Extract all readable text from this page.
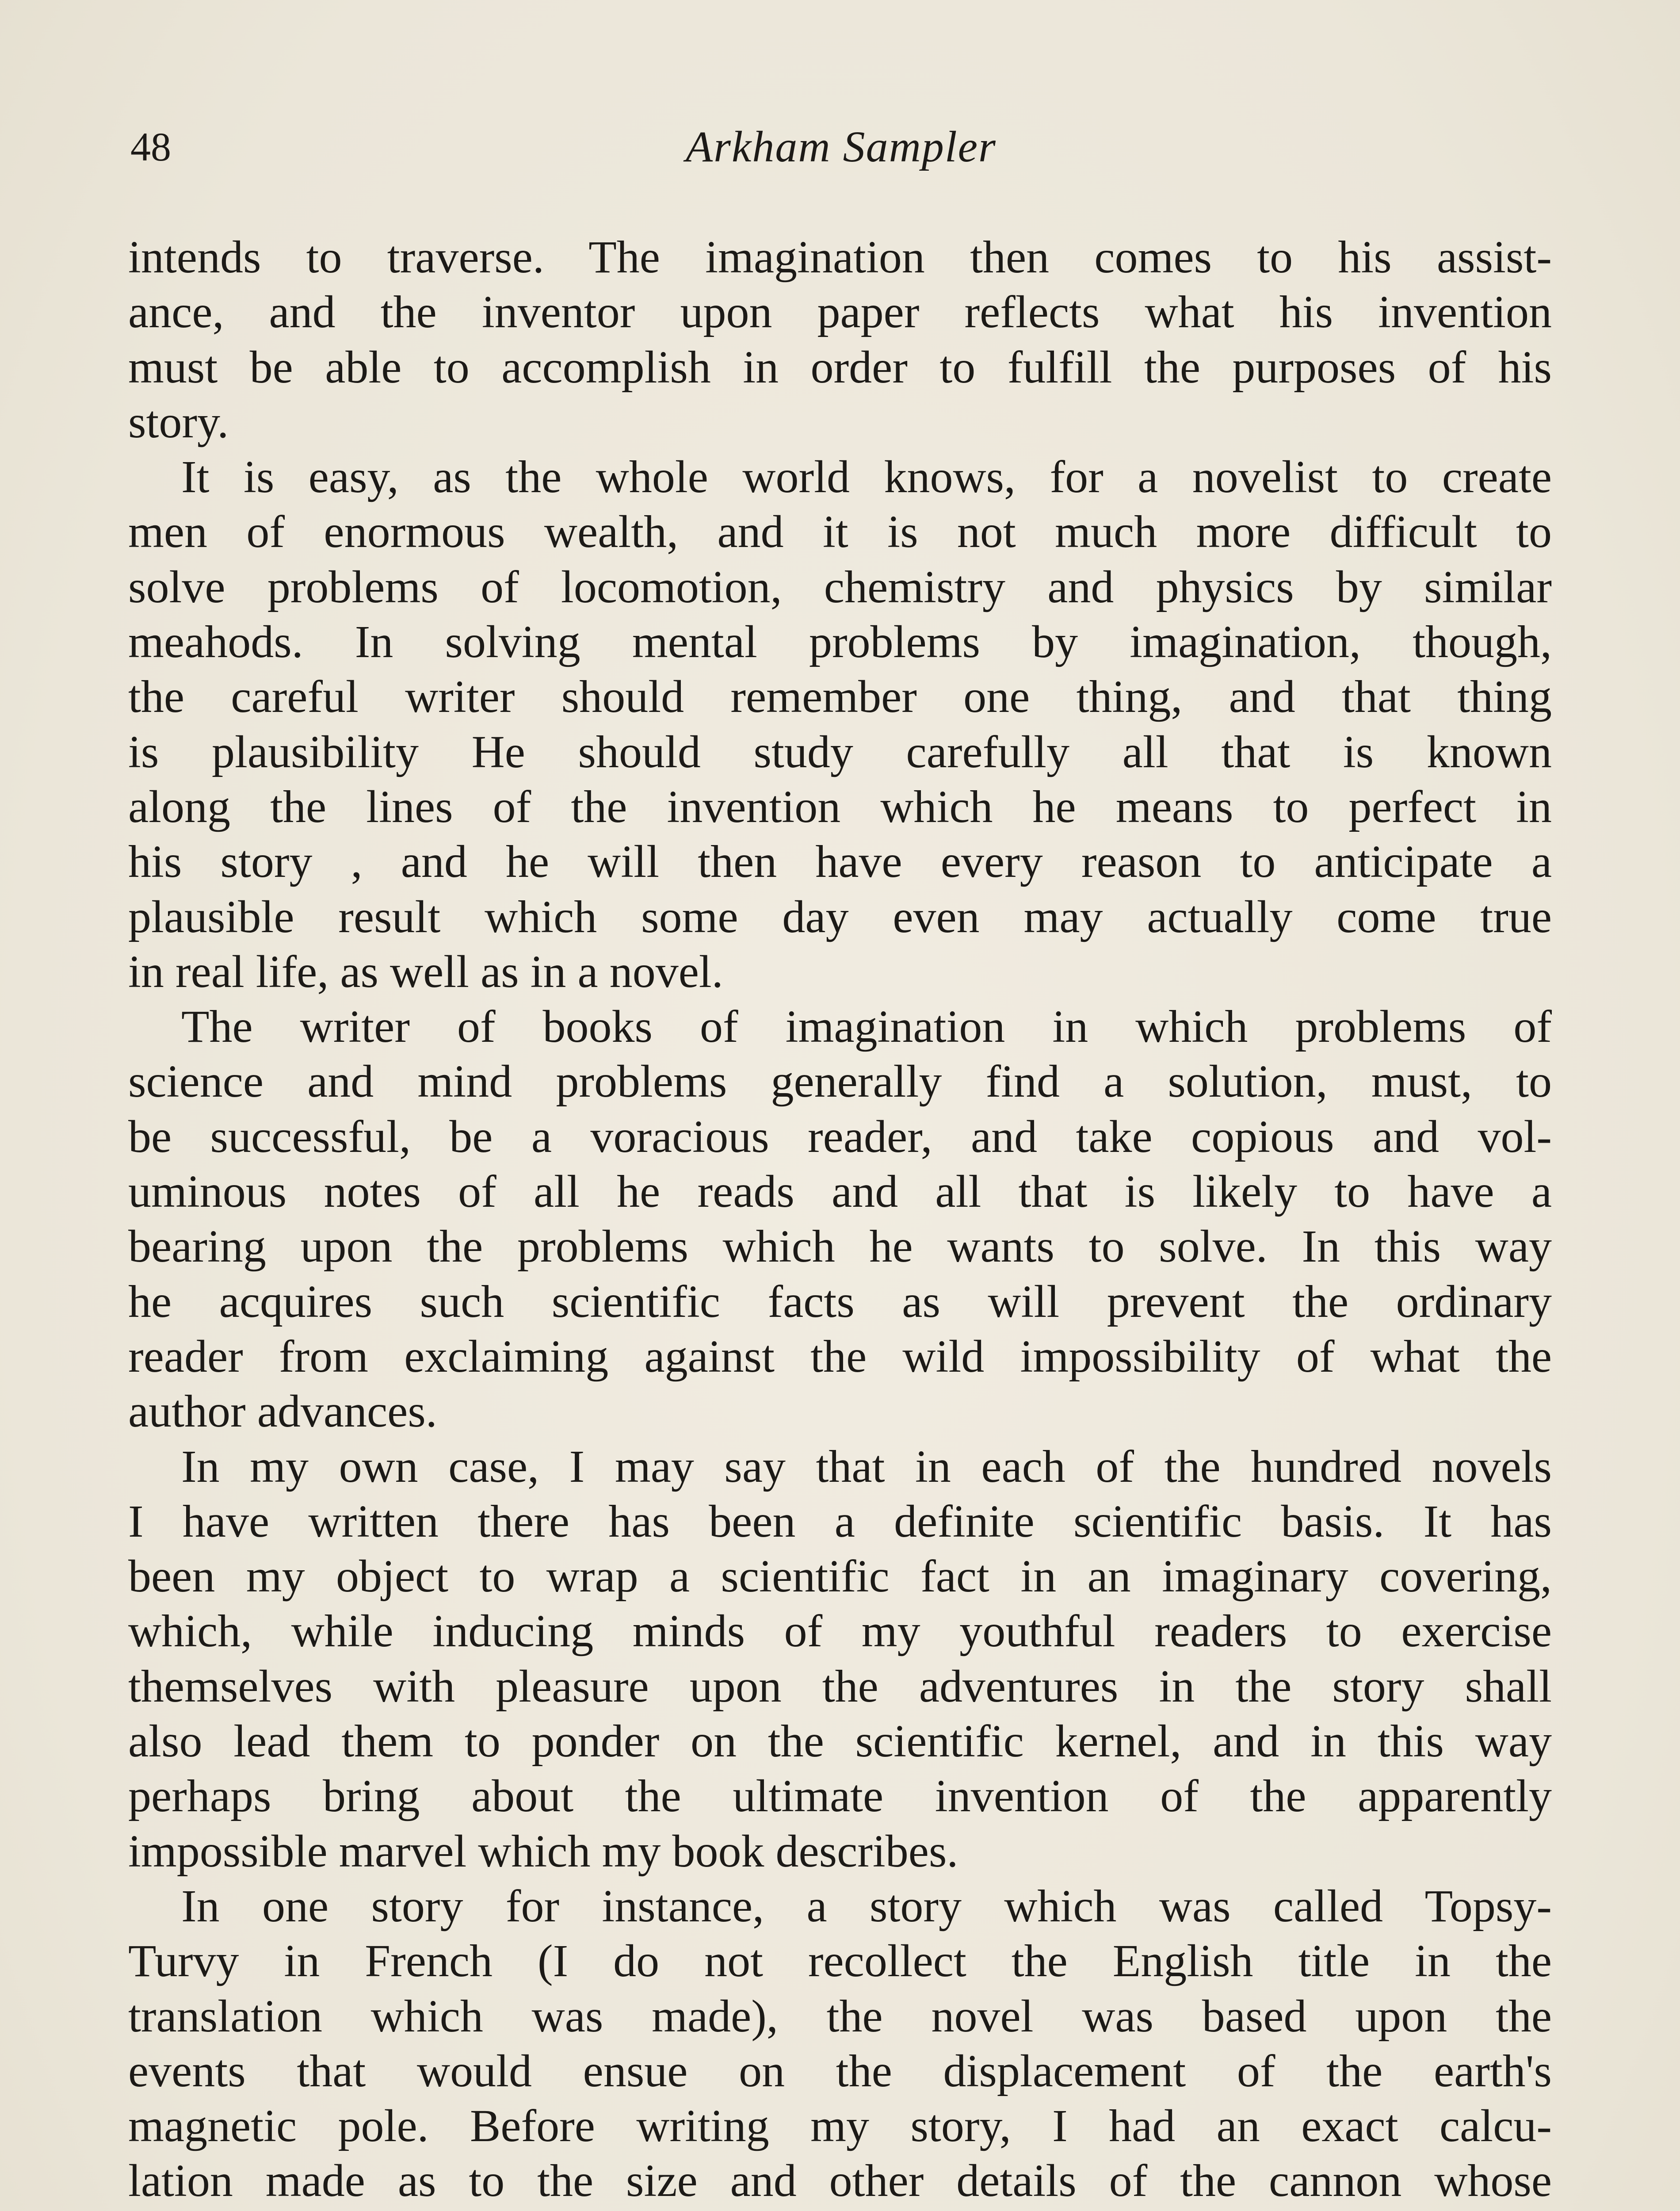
48	Arkham Sampler

intends to traverse. The imagination then comes to his assist-
ance, and the inventor upon paper reflects what his invention
must be able to accomplish in order to fulfill the purposes of his
story.

It is easy, as the whole world knows, for a novelist to create
men of enormous wealth, and it is not much more difficult to
solve problems of locomotion, chemistry and physics by similar
meahods. In solving mental problems by imagination, though,
the careful writer should remember one thing, and that thing
is plausibility He should study carefully all that is known
along the lines of the invention which he means to perfect in
his story , and he will then have every reason to anticipate a
plausible result which some day even may actually come true
in real life, as well as in a novel.

The writer of books of imagination in which problems of
science and mind problems generally find a solution, must, to
be successful, be a voracious reader, and take copious and vol-
uminous notes of all he reads and all that is likely to have a
bearing upon the problems which he wants to solve. In this way
he acquires such scientific facts as will prevent the ordinary
reader from exclaiming against the wild impossibility of what the
author advances.

In my own case, I may say that in each of the hundred novels
I have written there has been a definite scientific basis. It has
been my object to wrap a scientific fact in an imaginary covering,
which, while inducing minds of my youthful readers to exercise
themselves with pleasure upon the adventures in the story shall
also lead them to ponder on the scientific kernel, and in this way
perhaps bring about the ultimate invention of the apparently
impossible marvel which my book describes.

In one story for instance, a story which was called Topsy-
Turvy in French (I do not recollect the English title in the
translation which was made), the novel was based upon the
events that would ensue on the displacement of the earth's
magnetic pole. Before writing my story, I had an exact calcu-
lation made as to the size and other details of the cannon whose
